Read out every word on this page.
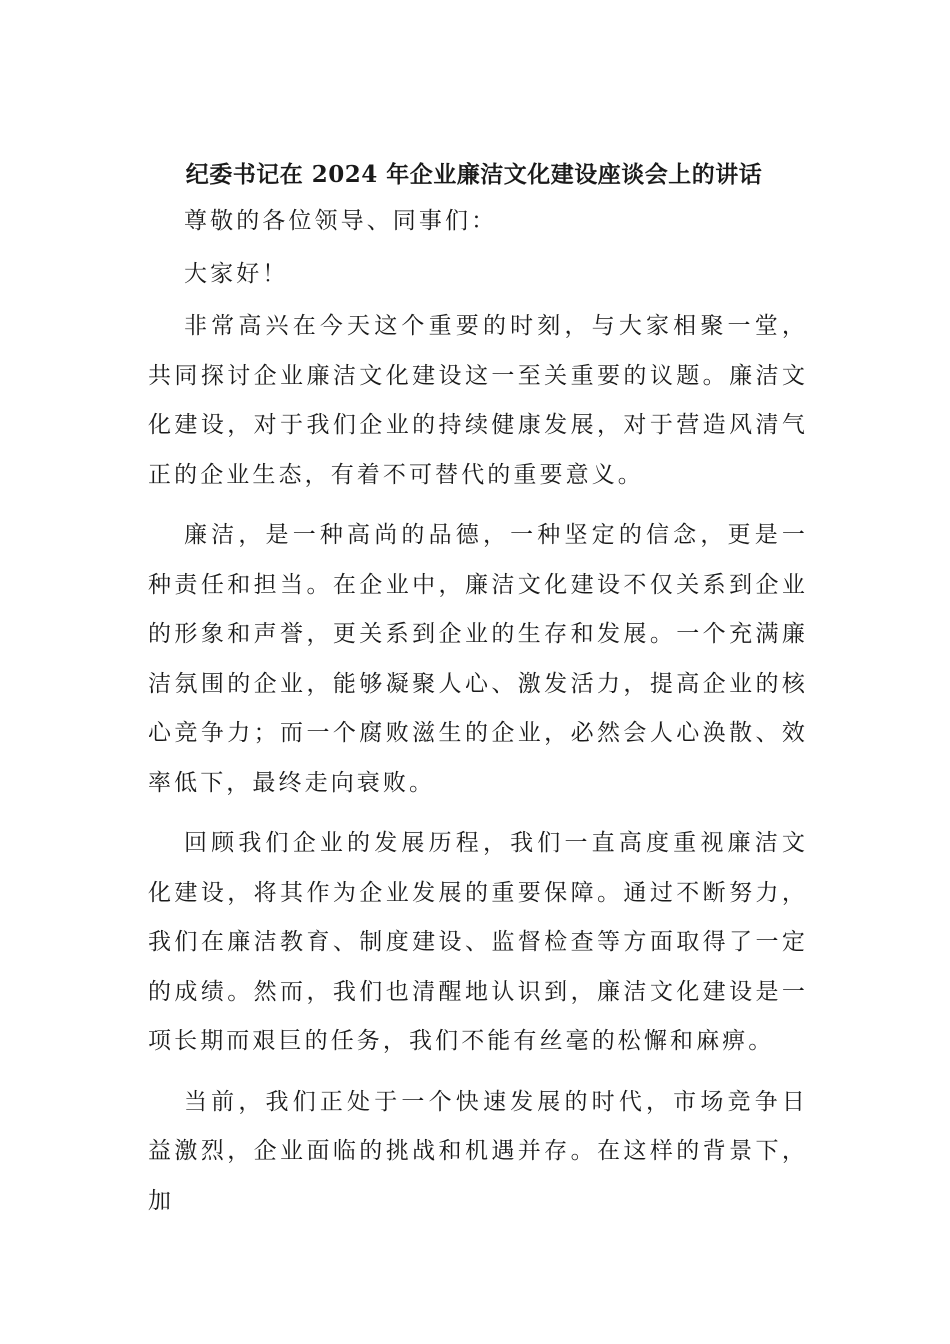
纪委书记在 2024 年企业廉洁文化建设座谈会上的讲话

尊敬的各位领导、同事们：

大家好！

非常高兴在今天这个重要的时刻，与大家相聚一堂，共同探讨企业廉洁文化建设这一至关重要的议题。廉洁文化建设，对于我们企业的持续健康发展，对于营造风清气正的企业生态，有着不可替代的重要意义。

廉洁，是一种高尚的品德，一种坚定的信念，更是一种责任和担当。在企业中，廉洁文化建设不仅关系到企业的形象和声誉，更关系到企业的生存和发展。一个充满廉洁氛围的企业，能够凝聚人心、激发活力，提高企业的核心竞争力；而一个腐败滋生的企业，必然会人心涣散、效率低下，最终走向衰败。

回顾我们企业的发展历程，我们一直高度重视廉洁文化建设，将其作为企业发展的重要保障。通过不断努力，我们在廉洁教育、制度建设、监督检查等方面取得了一定的成绩。然而，我们也清醒地认识到，廉洁文化建设是一项长期而艰巨的任务，我们不能有丝毫的松懈和麻痹。

当前，我们正处于一个快速发展的时代，市场竞争日益激烈，企业面临的挑战和机遇并存。在这样的背景下，加
